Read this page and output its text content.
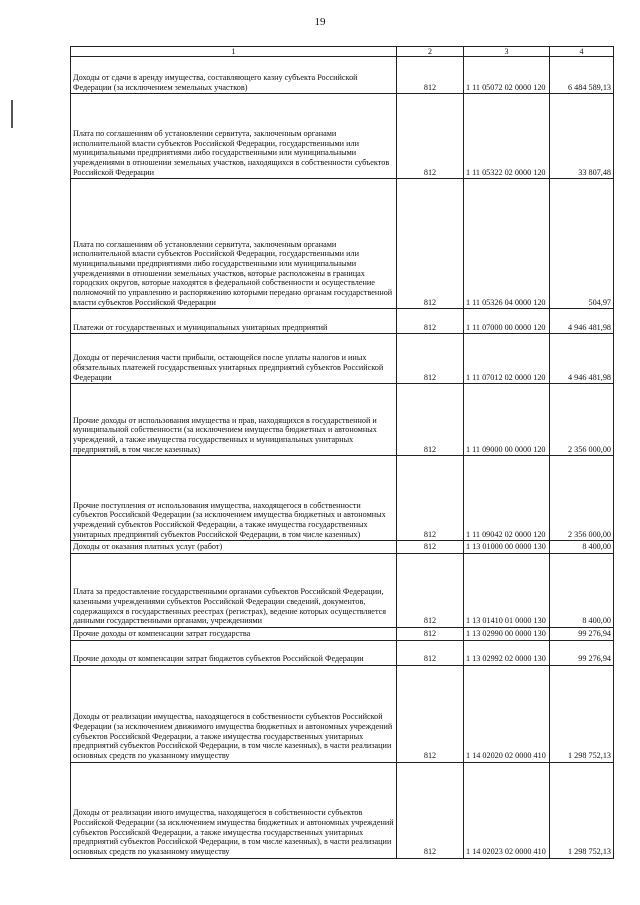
19
1	2	3	4
Доходы от сдачи в аренду имущества, составляющего казну субъекта Российской Федерации (за исключением земельных участков)	812	1 11 05072 02 0000 120	6 484 589,13
Плата по соглашениям об установлении сервитута, заключенным органами исполнительной власти субъектов Российской Федерации, государственными или муниципальными предприятиями либо государственными или муниципальными учреждениями в отношении земельных участков, находящихся в собственности субъектов Российской Федерации	812	1 11 05322 02 0000 120	33 807,48
Плата по соглашениям об установлении сервитута, заключенным органами исполнительной власти субъектов Российской Федерации, государственными или муниципальными предприятиями либо государственными или муниципальными учреждениями в отношении земельных участков, которые расположены в границах городских округов, которые находятся в федеральной собственности и осуществление полномочий по управлению и распоряжению которыми передано органам государственной власти субъектов Российской Федерации	812	1 11 05326 04 0000 120	504,97
Платежи от государственных и муниципальных унитарных предприятий	812	1 11 07000 00 0000 120	4 946 481,98
Доходы от перечисления части прибыли, остающейся после уплаты налогов и иных обязательных платежей государственных унитарных предприятий субъектов Российской Федерации	812	1 11 07012 02 0000 120	4 946 481,98
Прочие доходы от использования имущества и прав, находящихся в государственной и муниципальной собственности (за исключением имущества бюджетных и автономных учреждений, а также имущества государственных и муниципальных унитарных предприятий, в том числе казенных)	812	1 11 09000 00 0000 120	2 356 000,00
Прочие поступления от использования имущества, находящегося в собственности субъектов Российской Федерации (за исключением имущества бюджетных и автономных учреждений субъектов Российской Федерации, а также имущества государственных унитарных предприятий субъектов Российской Федерации, в том числе казенных)	812	1 11 09042 02 0000 120	2 356 000,00
Доходы от оказания платных услуг (работ)	812	1 13 01000 00 0000 130	8 400,00
Плата за предоставление государственными органами субъектов Российской Федерации, казенными учреждениями субъектов Российской Федерации сведений, документов, содержащихся в государственных реестрах (регистрах), ведение которых осуществляется данными государственными органами, учреждениями	812	1 13 01410 01 0000 130	8 400,00
Прочие доходы от компенсации затрат государства	812	1 13 02990 00 0000 130	99 276,94
Прочие доходы от компенсации затрат бюджетов субъектов Российской Федерации	812	1 13 02992 02 0000 130	99 276,94
Доходы от реализации имущества, находящегося в собственности субъектов Российской Федерации (за исключением движимого имущества бюджетных и автономных учреждений субъектов Российской Федерации, а также имущества государственных унитарных предприятий субъектов Российской Федерации, в том числе казенных), в части реализации основных средств по указанному имуществу	812	1 14 02020 02 0000 410	1 298 752,13
Доходы от реализации иного имущества, находящегося в собственности субъектов Российской Федерации (за исключением имущества бюджетных и автономных учреждений субъектов Российской Федерации, а также имущества государственных унитарных предприятий субъектов Российской Федерации, в том числе казенных), в части реализации основных средств по указанному имуществу	812	1 14 02023 02 0000 410	1 298 752,13
